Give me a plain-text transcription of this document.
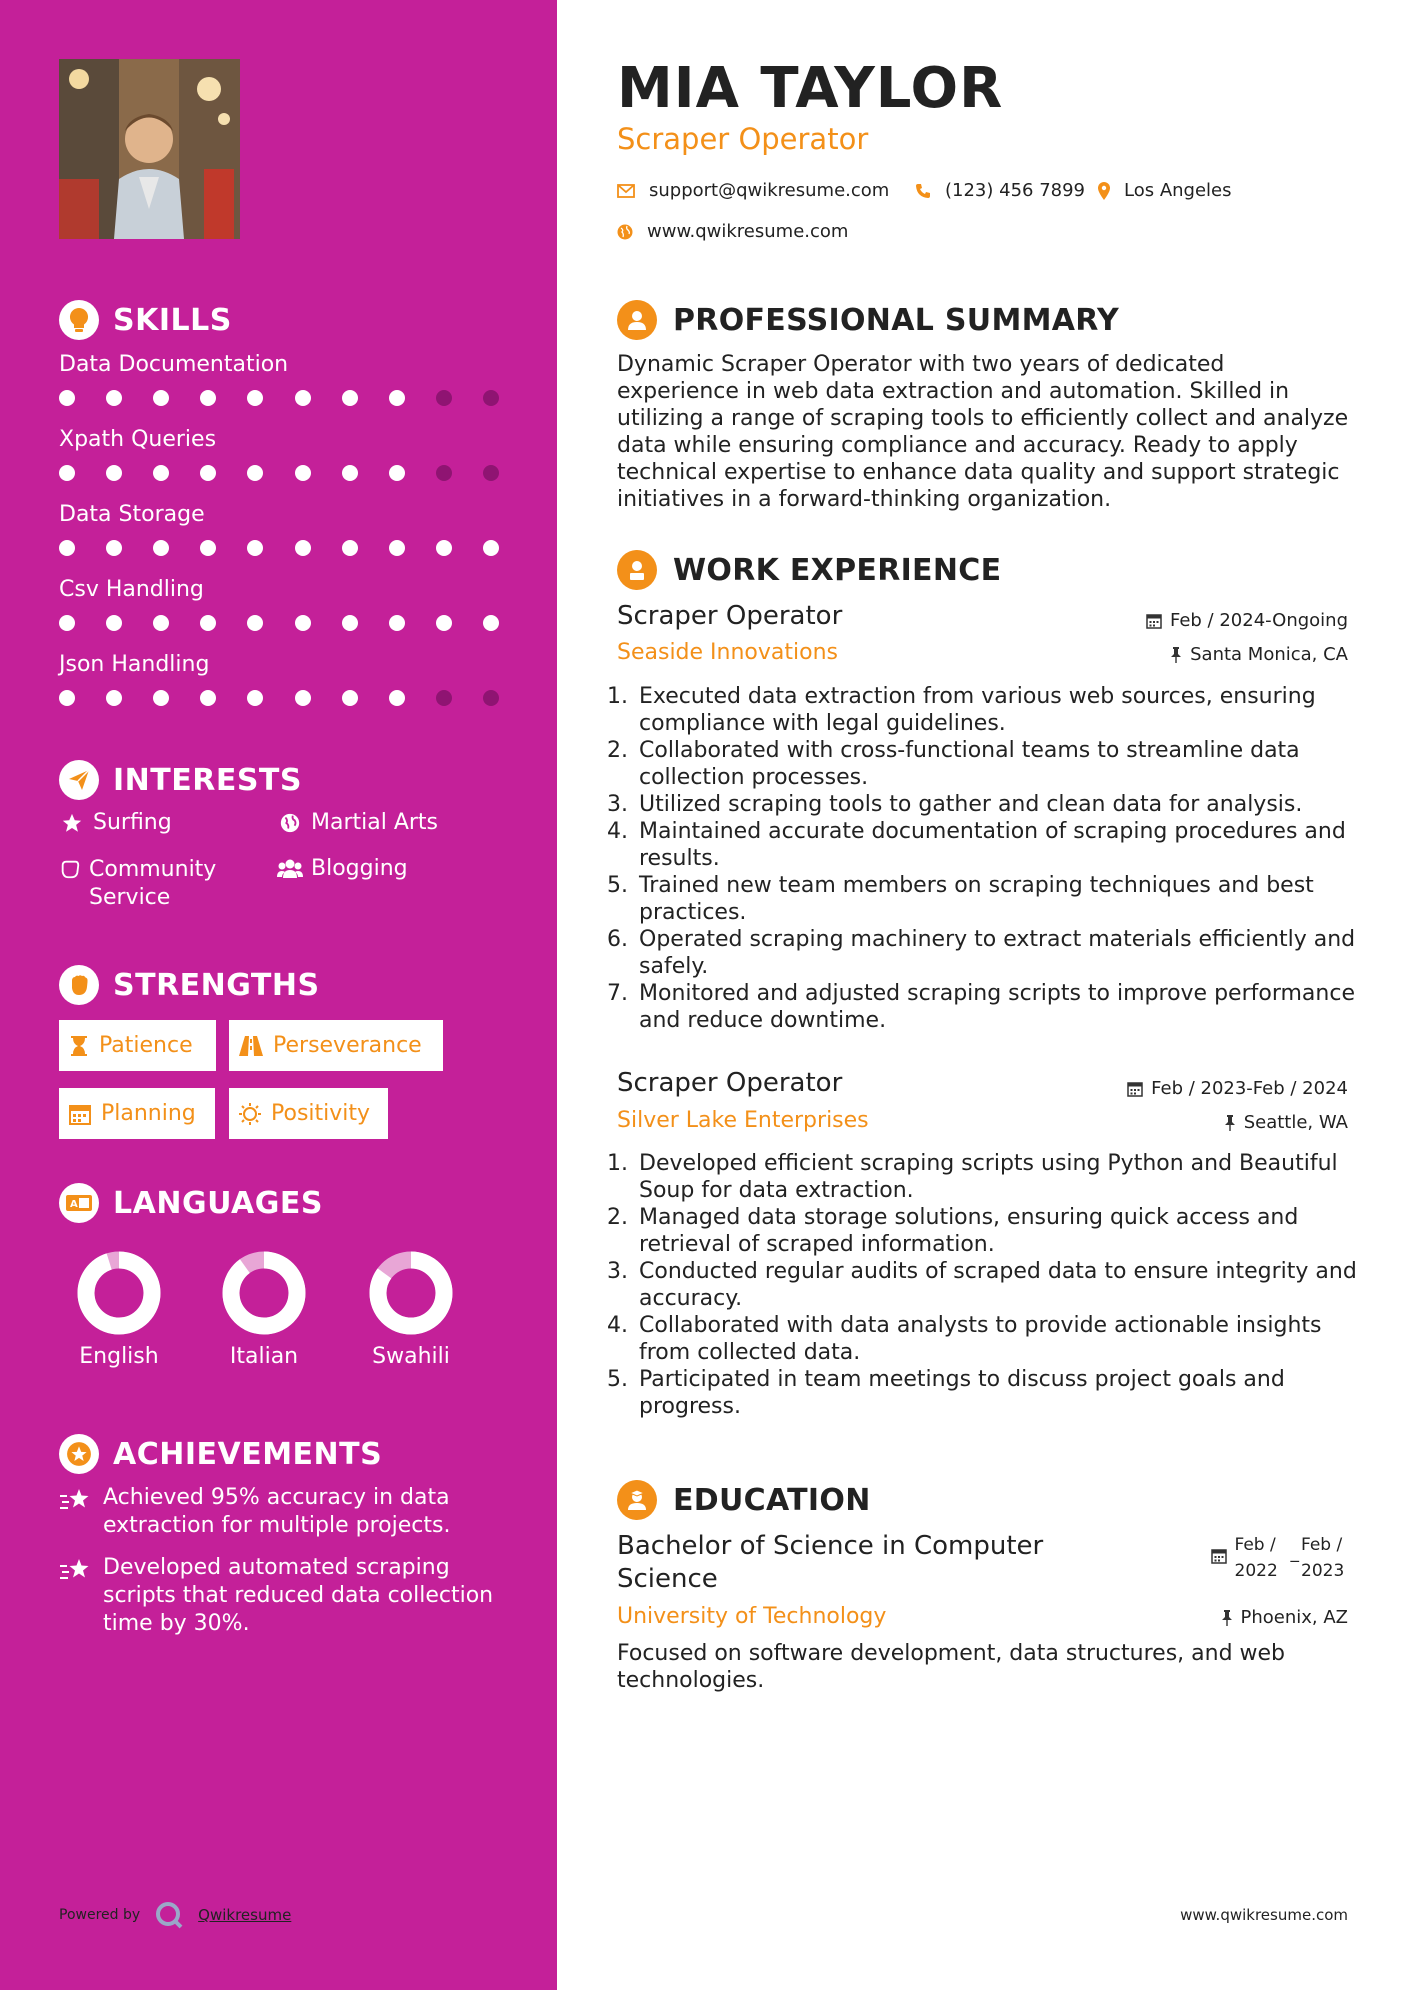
SKILLS
Data Documentation
Xpath Queries
Data Storage
Csv Handling
Json Handling
INTERESTS
Surfing	Martial Arts
Community Service
Blogging
STRENGTHS
Patience	Perseverance
Planning	Positivity
A LANGUAGES
English	Italian	Swahili
ACHIEVEMENTS
Achieved 95% accuracy in data extraction for multiple projects.
Developed automated scraping scripts that reduced data collection time by 30%.
Powered by	Qwikresume
MIA TAYLOR
Scraper Operator
support@qwikresume.com	(123) 456 7899 Los Angeles
www.qwikresume.com
PROFESSIONAL SUMMARY
Dynamic Scraper Operator with two years of dedicated experience in web data extraction and automation. Skilled in utilizing a range of scraping tools to efficiently collect and analyze data while ensuring compliance and accuracy. Ready to apply technical expertise to enhance data quality and support strategic initiatives in a forward-thinking organization.
WORK EXPERIENCE
Scraper Operator	Feb / 2024-Ongoing
Seaside Innovations	Santa Monica, CA
1. Executed data extraction from various web sources, ensuring compliance with legal guidelines.
2. Collaborated with cross-functional teams to streamline data collection processes.
3. Utilized scraping tools to gather and clean data for analysis.
4. Maintained accurate documentation of scraping procedures and results.
5. Trained new team members on scraping techniques and best practices.
6. Operated scraping machinery to extract materials efficiently and safely.
7. Monitored and adjusted scraping scripts to improve performance and reduce downtime.
Scraper Operator	Feb / 2023-Feb / 2024
Silver Lake Enterprises	Seattle, WA
1. Developed efficient scraping scripts using Python and Beautiful Soup for data extraction.
2. Managed data storage solutions, ensuring quick access and retrieval of scraped information.
3. Conducted regular audits of scraped data to ensure integrity and accuracy.
4. Collaborated with data analysts to provide actionable insights from collected data.
5. Participated in team meetings to discuss project goals and progress.
EDUCATION
Bachelor of Science in Computer Science
Feb / 2022
_ Feb / 2023
University of Technology	Phoenix, AZ
Focused on software development, data structures, and web technologies.
www.qwikresume.com
